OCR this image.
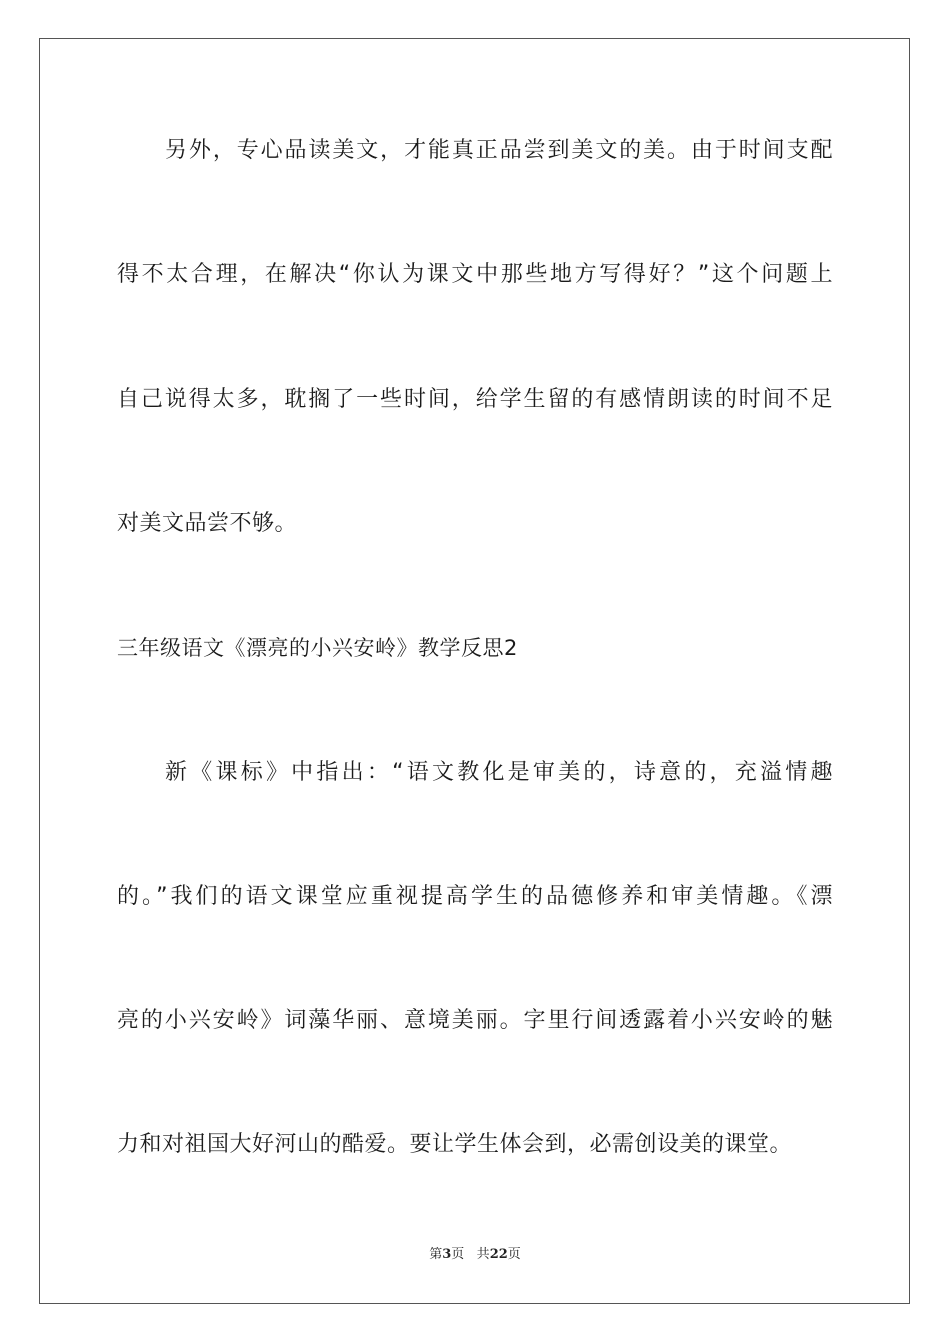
另外，专心品读美文，才能真正品尝到美文的美。由于时间支配
得不太合理，在解决“你认为课文中那些地方写得好？”这个问题上
自己说得太多，耽搁了一些时间，给学生留的有感情朗读的时间不足
对美文品尝不够。
三年级语文《漂亮的小兴安岭》教学反思2
新《课标》中指出：“语文教化是审美的，诗意的，充溢情趣
的。”我们的语文课堂应重视提高学生的品德修养和审美情趣。《漂
亮的小兴安岭》词藻华丽、意境美丽。字里行间透露着小兴安岭的魅
力和对祖国大好河山的酷爱。要让学生体会到，必需创设美的课堂。
第3页 共22页
